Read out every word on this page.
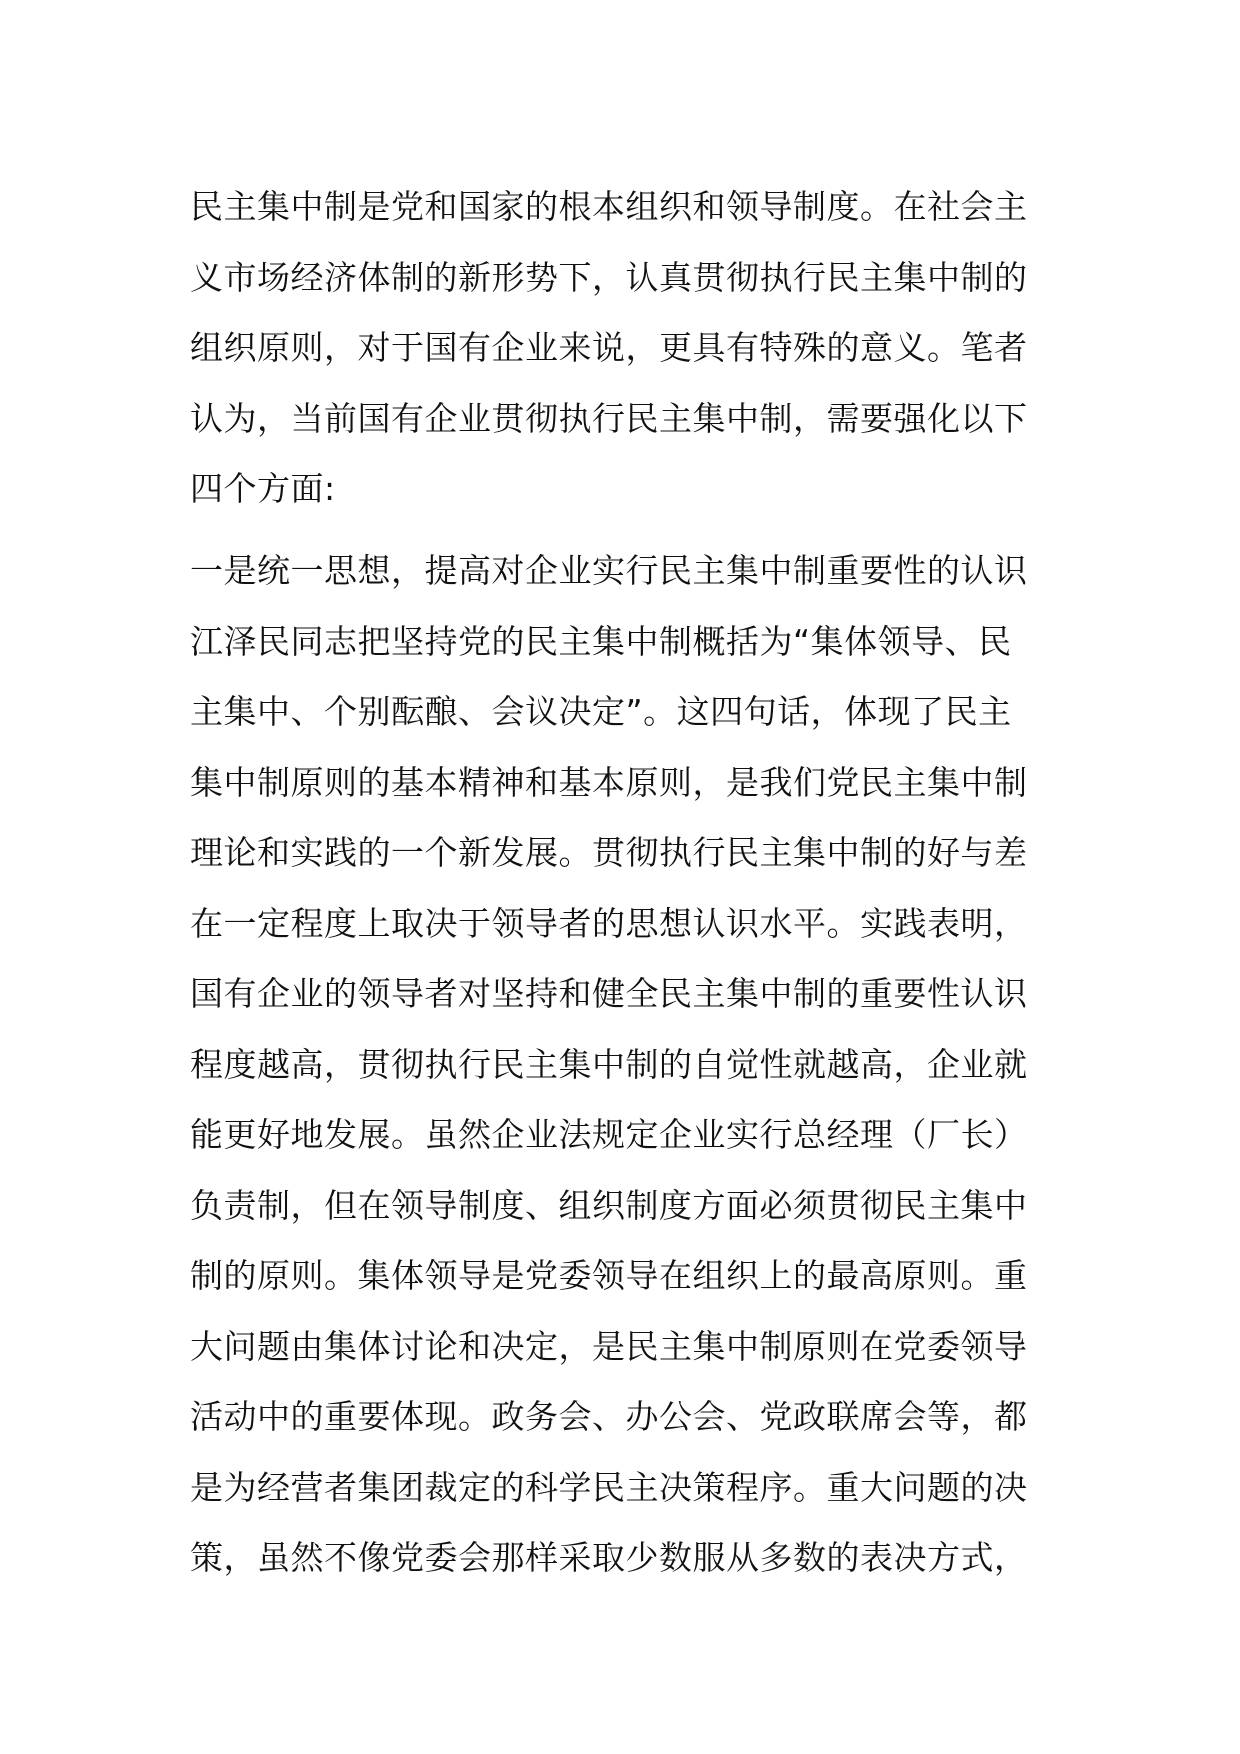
民主集中制是党和国家的根本组织和领导制度。在社会主
义市场经济体制的新形势下，认真贯彻执行民主集中制的
组织原则，对于国有企业来说，更具有特殊的意义。笔者
认为，当前国有企业贯彻执行民主集中制，需要强化以下
四个方面:
一是统一思想，提高对企业实行民主集中制重要性的认识
江泽民同志把坚持党的民主集中制概括为“集体领导、民
主集中、个别酝酿、会议决定”。这四句话，体现了民主
集中制原则的基本精神和基本原则，是我们党民主集中制
理论和实践的一个新发展。贯彻执行民主集中制的好与差
在一定程度上取决于领导者的思想认识水平。实践表明，
国有企业的领导者对坚持和健全民主集中制的重要性认识
程度越高，贯彻执行民主集中制的自觉性就越高，企业就
能更好地发展。虽然企业法规定企业实行总经理（厂长）
负责制，但在领导制度、组织制度方面必须贯彻民主集中
制的原则。集体领导是党委领导在组织上的最高原则。重
大问题由集体讨论和决定，是民主集中制原则在党委领导
活动中的重要体现。政务会、办公会、党政联席会等，都
是为经营者集团裁定的科学民主决策程序。重大问题的决
策，虽然不像党委会那样采取少数服从多数的表决方式，
